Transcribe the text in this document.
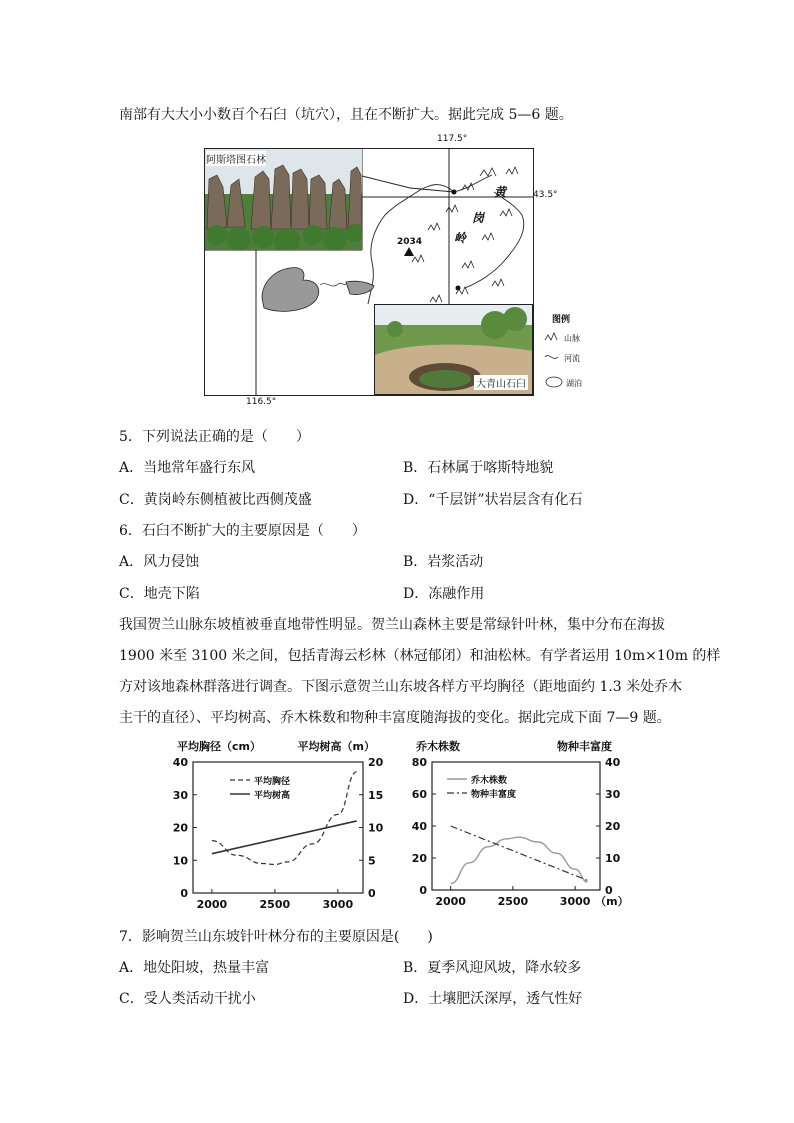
南部有大大小小数百个石臼（坑穴），且在不断扩大。据此完成 5—6 题。
117.5°
116.5°
43.5°
黄
岗
岭
2034
图例
山脉
河流
湖泊
阿斯塔图石林
大青山石臼
5．下列说法正确的是（　　）
A．当地常年盛行东风	B．石林属于喀斯特地貌
C．黄岗岭东侧植被比西侧茂盛	D．“千层饼”状岩层含有化石
6．石臼不断扩大的主要原因是（　　）
A．风力侵蚀	B．岩浆活动
C．地壳下陷	D．冻融作用
我国贺兰山脉东坡植被垂直地带性明显。贺兰山森林主要是常绿针叶林，集中分布在海拔
1900 米至 3100 米之间，包括青海云杉林（林冠郁闭）和油松林。有学者运用 10m×10m 的样
方对该地森林群落进行调查。下图示意贺兰山东坡各样方平均胸径（距地面约 1.3 米处乔木
主干的直径）、平均树高、乔木株数和物种丰富度随海拔的变化。据此完成下面 7—9 题。
平均胸径（cm）	平均树高（m）
0
10
20
30
40
0
5
10
15
20
2000	2500	3000
平均胸径
平均树高
乔木株数	物种丰富度
0
20
40
60
80
0
10
20
30
40
2000	2500	3000 （m）
乔木株数
物种丰富度
7．影响贺兰山东坡针叶林分布的主要原因是(　　)
A．地处阳坡，热量丰富	B．夏季风迎风坡，降水较多
C．受人类活动干扰小	D．土壤肥沃深厚，透气性好
